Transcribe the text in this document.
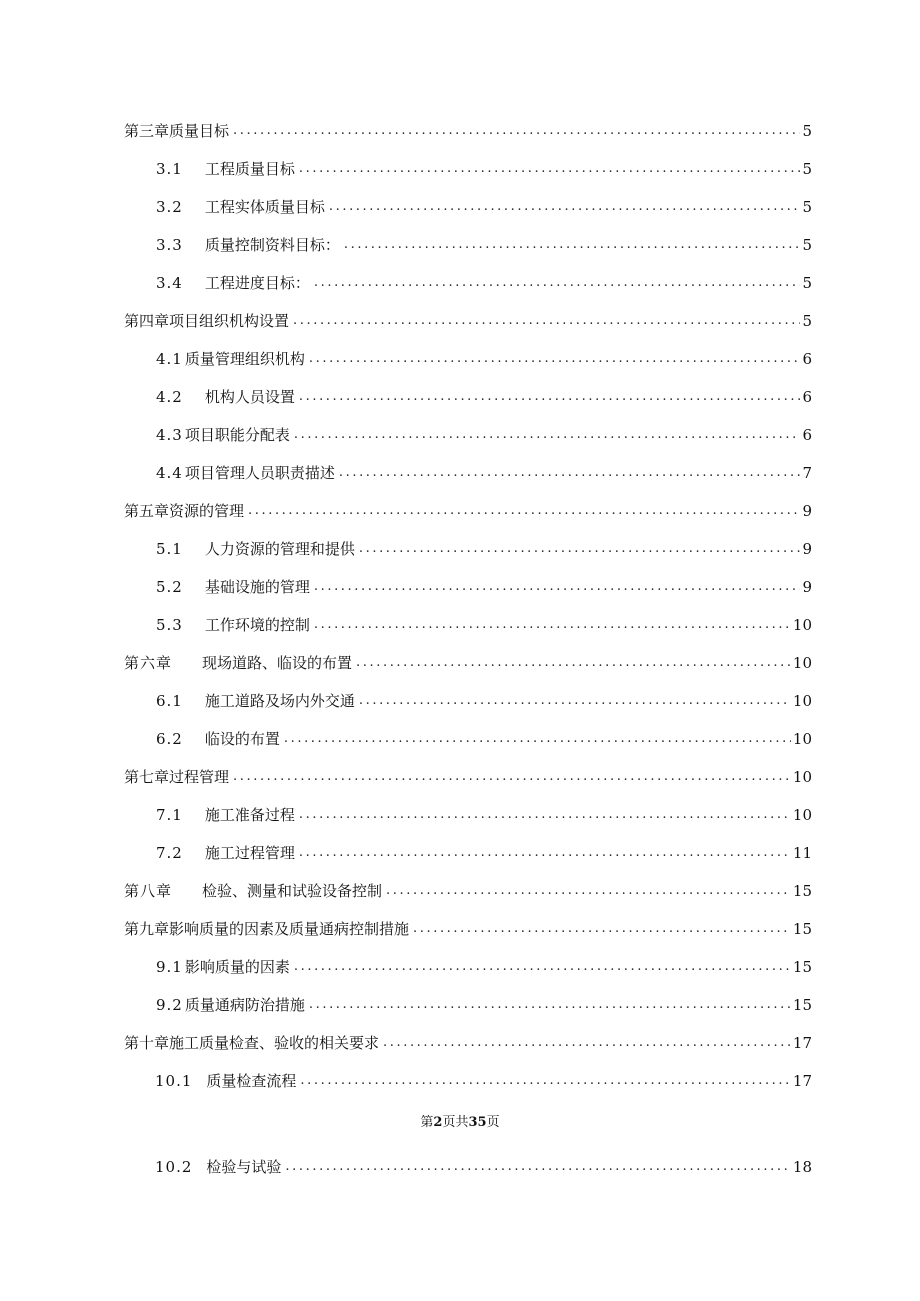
第三章质量目标 .....	5
3.1 工程质量目标 .....	5
3.2 工程实体质量目标 .....	5
3.3 质量控制资料目标： .....	5
3.4 工程进度目标： .....	5
第四章项目组织机构设置 .....	5
4.1 质量管理组织机构 .....	6
4.2 机构人员设置 .....	6
4.3 项目职能分配表 .....	6
4.4 项目管理人员职责描述 .....	7
第五章资源的管理 .....	9
5.1 人力资源的管理和提供 .....	9
5.2 基础设施的管理 .....	9
5.3 工作环境的控制 .....	10
第六章 现场道路、临设的布置 .....	10
6.1 施工道路及场内外交通 .....	10
6.2 临设的布置 .....	10
第七章过程管理 .....	10
7.1 施工准备过程 .....	10
7.2 施工过程管理 .....	11
第八章 检验、测量和试验设备控制 .....	15
第九章影响质量的因素及质量通病控制措施 .....	15
9.1 影响质量的因素 .....	15
9.2 质量通病防治措施 .....	15
第十章施工质量检查、验收的相关要求 .....	17
10.1 质量检查流程 .....	17
10.2 检验与试验 .....	18
第2页共35页
